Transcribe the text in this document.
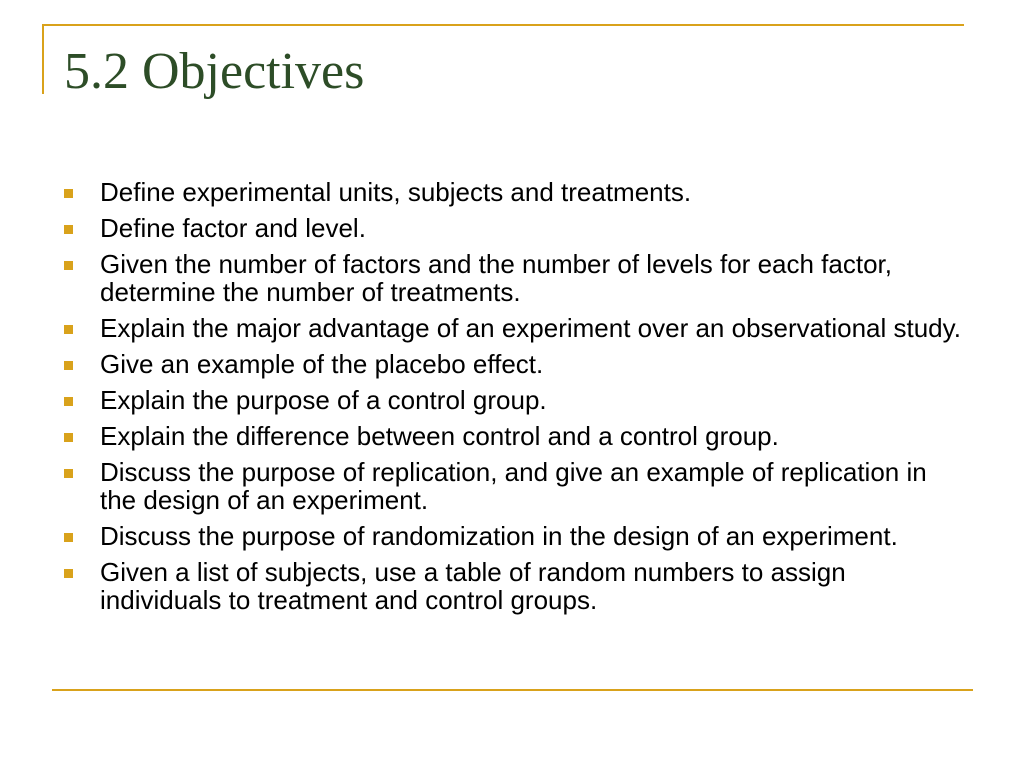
5.2 Objectives
Define experimental units, subjects and treatments.
Define factor and level.
Given the number of factors and the number of levels for each factor, determine the number of treatments.
Explain the major advantage of an experiment over an observational study.
Give an example of the placebo effect.
Explain the purpose of a control group.
Explain the difference between control and a control group.
Discuss the purpose of replication, and give an example of replication in the design of an experiment.
Discuss the purpose of randomization in the design of an experiment.
Given a list of subjects, use a table of random numbers to assign individuals to treatment and control groups.
